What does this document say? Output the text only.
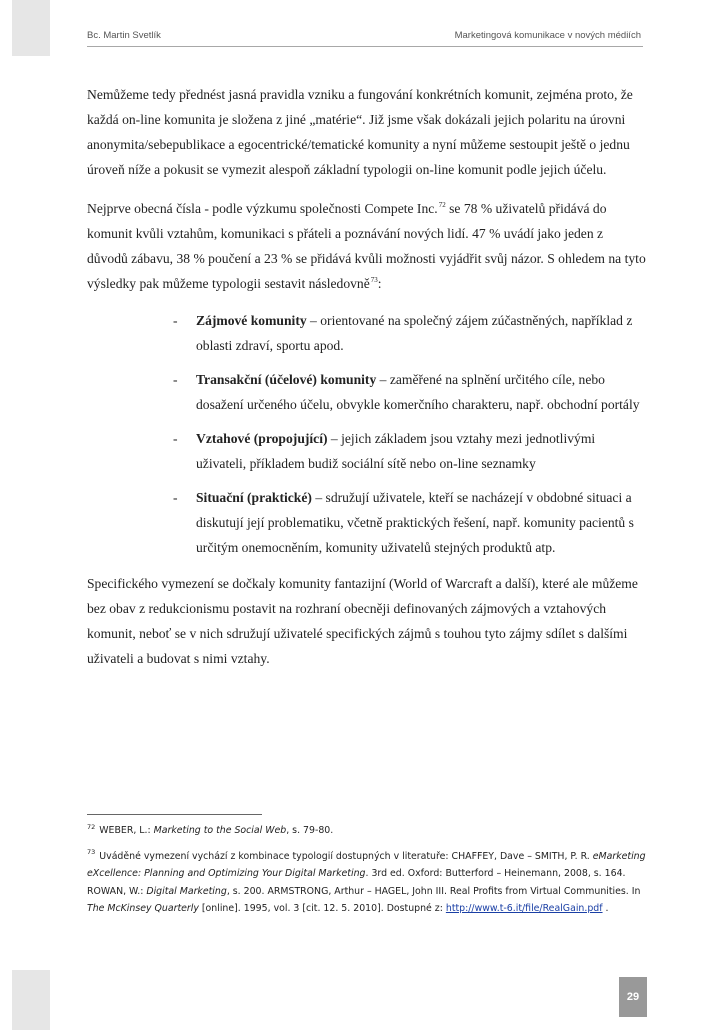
Bc. Martin Svetlík	Marketingová komunikace v nových médiích

Nemůžeme tedy přednést jasná pravidla vzniku a fungování konkrétních komunit, zejména proto, že každá on-line komunita je složena z jiné „matérie“. Již jsme však dokázali jejich polaritu na úrovni anonymita/sebepublikace a egocentrické/tematické komunity a nyní můžeme sestoupit ještě o jednu úroveň níže a pokusit se vymezit alespoň základní typologii on-line komunit podle jejich účelu.

Nejprve obecná čísla - podle výzkumu společnosti Compete Inc.$^{72}$ se 78 % uživatelů přidává do komunit kvůli vztahům, komunikaci s přáteli a poznávání nových lidí. 47 % uvádí jako jeden z důvodů zábavu, 38 % poučení a 23 % se přidává kvůli možnosti vyjádřit svůj názor. S ohledem na tyto výsledky pak můžeme typologii sestavit následovně$^{73}$:

- Zájmové komunity – orientované na společný zájem zúčastněných, například z oblasti zdraví, sportu apod.
- Transakční (účelové) komunity – zaměřené na splnění určitého cíle, nebo dosažení určeného účelu, obvykle komerčního charakteru, např. obchodní portály
- Vztahové (propojující) – jejich základem jsou vztahy mezi jednotlivými uživateli, příkladem budiž sociální sítě nebo on-line seznamky
- Situační (praktické) – sdružují uživatele, kteří se nacházejí v obdobné situaci a diskutují její problematiku, včetně praktických řešení, např. komunity pacientů s určitým onemocněním, komunity uživatelů stejných produktů atp.

Specifického vymezení se dočkaly komunity fantazijní (World of Warcraft a další), které ale můžeme bez obav z redukcionismu postavit na rozhraní obecněji definovaných zájmových a vztahových komunit, neboť se v nich sdružují uživatelé specifických zájmů s touhou tyto zájmy sdílet s dalšími uživateli a budovat s nimi vztahy.

$^{72}$ WEBER, L.: Marketing to the Social Web, s. 79-80.

$^{73}$ Uváděné vymezení vychází z kombinace typologií dostupných v literatuře: CHAFFEY, Dave – SMITH, P. R. eMarketing eXcellence: Planning and Optimizing Your Digital Marketing. 3rd ed. Oxford: Butterford – Heinemann, 2008, s. 164. ROWAN, W.: Digital Marketing, s. 200. ARMSTRONG, Arthur – HAGEL, John III. Real Profits from Virtual Communities. In The McKinsey Quarterly [online]. 1995, vol. 3 [cit. 12. 5. 2010]. Dostupné z: http://www.t-6.it/file/RealGain.pdf .

29
